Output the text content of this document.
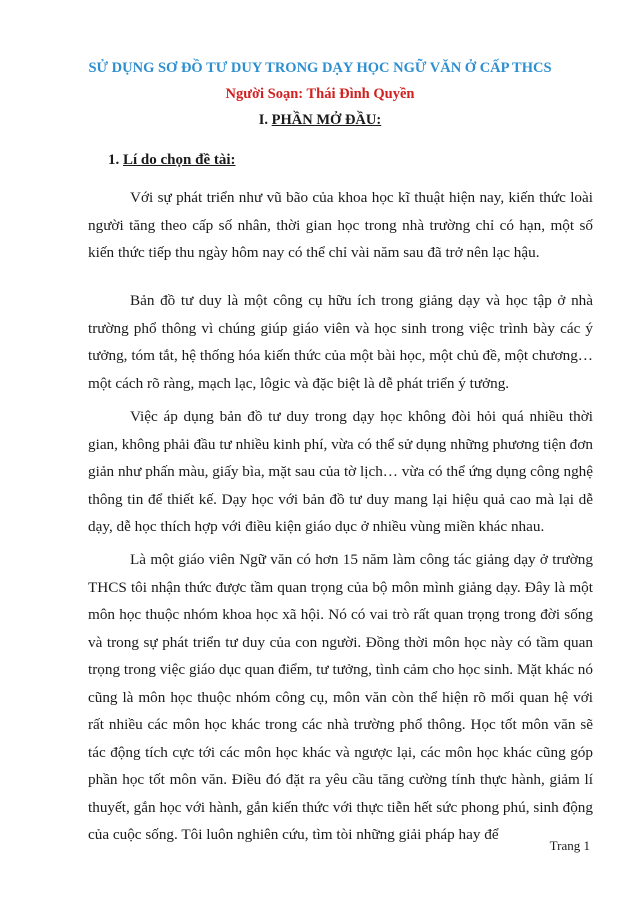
SỬ DỤNG SƠ ĐỒ TƯ DUY TRONG DẠY HỌC NGỮ VĂN Ở CẤP THCS
Người Soạn: Thái Đình Quyền
I. PHẦN MỞ ĐẦU:
1. Lí do chọn đề tài:

Với sự phát triển như vũ bão của khoa học kĩ thuật hiện nay, kiến thức loài người tăng theo cấp số nhân, thời gian học trong nhà trường chỉ có hạn, một số kiến thức tiếp thu ngày hôm nay có thể chỉ vài năm sau đã trở nên lạc hậu.

Bản đồ tư duy là một công cụ hữu ích trong giảng dạy và học tập ở nhà trường phổ thông vì chúng giúp giáo viên và học sinh trong việc trình bày các ý tưởng, tóm tắt, hệ thống hóa kiến thức của một bài học, một chủ đề, một chương… một cách rõ ràng, mạch lạc, lôgic và đặc biệt là dễ phát triển ý tưởng.

Việc áp dụng bản đồ tư duy trong dạy học không đòi hỏi quá nhiều thời gian, không phải đầu tư nhiều kinh phí, vừa có thể sử dụng những phương tiện đơn giản như phấn màu, giấy bìa, mặt sau của tờ lịch… vừa có thể ứng dụng công nghệ thông tin để thiết kế. Dạy học với bản đồ tư duy mang lại hiệu quả cao mà lại dễ dạy, dễ học thích hợp với điều kiện giáo dục ở nhiều vùng miền khác nhau.

Là một giáo viên Ngữ văn có hơn 15 năm làm công tác giảng dạy ở trường THCS tôi nhận thức được tầm quan trọng của bộ môn mình giảng dạy. Đây là một môn học thuộc nhóm khoa học xã hội. Nó có vai trò rất quan trọng trong đời sống và trong sự phát triển tư duy của con người. Đồng thời môn học này có tầm quan trọng trong việc giáo dục quan điểm, tư tưởng, tình cảm cho học sinh. Mặt khác nó cũng là môn học thuộc nhóm công cụ, môn văn còn thể hiện rõ mối quan hệ với rất nhiều các môn học khác trong các nhà trường phổ thông. Học tốt môn văn sẽ tác động tích cực tới các môn học khác và ngược lại, các môn học khác cũng góp phần học tốt môn văn. Điều đó đặt ra yêu cầu tăng cường tính thực hành, giảm lí thuyết, gắn học với hành, gắn kiến thức với thực tiễn hết sức phong phú, sinh động của cuộc sống. Tôi luôn nghiên cứu, tìm tòi những giải pháp hay để

Trang 1
